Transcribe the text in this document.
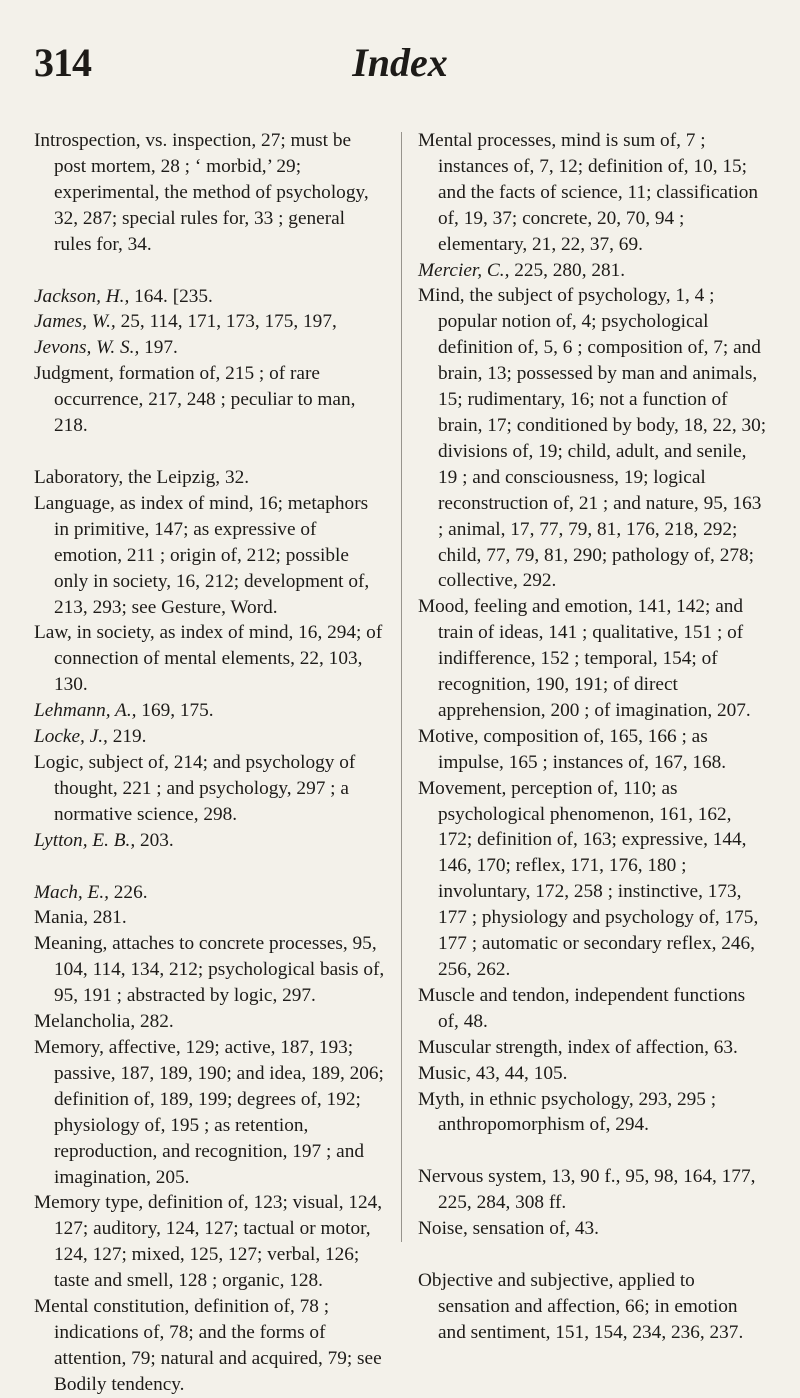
314	Index

Introspection, vs. inspection, 27; must be post mortem, 28 ; ‘ morbid,’ 29; experimental, the method of psychology, 32, 287; special rules for, 33 ; general rules for, 34.

Jackson, H., 164. [235.

James, W., 25, 114, 171, 173, 175, 197,

Jevons, W. S., 197.

Judgment, formation of, 215 ; of rare occurrence, 217, 248 ; peculiar to man, 218.

Laboratory, the Leipzig, 32.

Language, as index of mind, 16; metaphors in primitive, 147; as expressive of emotion, 211 ; origin of, 212; possible only in society, 16, 212; development of, 213, 293; see Gesture, Word.

Law, in society, as index of mind, 16, 294; of connection of mental elements, 22, 103, 130.

Lehmann, A., 169, 175.

Locke, J., 219.

Logic, subject of, 214; and psychology of thought, 221 ; and psychology, 297 ; a normative science, 298.

Lytton, E. B., 203.

Mach, E., 226.

Mania, 281.

Meaning, attaches to concrete processes, 95, 104, 114, 134, 212; psychological basis of, 95, 191 ; abstracted by logic, 297.

Melancholia, 282.

Memory, affective, 129; active, 187, 193; passive, 187, 189, 190; and idea, 189, 206; definition of, 189, 199; degrees of, 192; physiology of, 195 ; as retention, reproduction, and recognition, 197 ; and imagination, 205.

Memory type, definition of, 123; visual, 124, 127; auditory, 124, 127; tactual or motor, 124, 127; mixed, 125, 127; verbal, 126; taste and smell, 128 ; organic, 128.

Mental constitution, definition of, 78 ; indications of, 78; and the forms of attention, 79; natural and acquired, 79; see Bodily tendency.

Mental processes, mind is sum of, 7 ; instances of, 7, 12; definition of, 10, 15; and the facts of science, 11; classification of, 19, 37; concrete, 20, 70, 94 ; elementary, 21, 22, 37, 69.

Mercier, C., 225, 280, 281.

Mind, the subject of psychology, 1, 4 ; popular notion of, 4; psychological definition of, 5, 6 ; composition of, 7; and brain, 13; possessed by man and animals, 15; rudimentary, 16; not a function of brain, 17; conditioned by body, 18, 22, 30; divisions of, 19; child, adult, and senile, 19 ; and consciousness, 19; logical reconstruction of, 21 ; and nature, 95, 163 ; animal, 17, 77, 79, 81, 176, 218, 292; child, 77, 79, 81, 290; pathology of, 278; collective, 292.

Mood, feeling and emotion, 141, 142; and train of ideas, 141 ; qualitative, 151 ; of indifference, 152 ; temporal, 154; of recognition, 190, 191; of direct apprehension, 200 ; of imagination, 207.

Motive, composition of, 165, 166 ; as impulse, 165 ; instances of, 167, 168.

Movement, perception of, 110; as psychological phenomenon, 161, 162, 172; definition of, 163; expressive, 144, 146, 170; reflex, 171, 176, 180 ; involuntary, 172, 258 ; instinctive, 173, 177 ; physiology and psychology of, 175, 177 ; automatic or secondary reflex, 246, 256, 262.

Muscle and tendon, independent functions of, 48.

Muscular strength, index of affection, 63.

Music, 43, 44, 105.

Myth, in ethnic psychology, 293, 295 ; anthropomorphism of, 294.

Nervous system, 13, 90 f., 95, 98, 164, 177, 225, 284, 308 ff.

Noise, sensation of, 43.

Objective and subjective, applied to sensation and affection, 66; in emotion and sentiment, 151, 154, 234, 236, 237.
